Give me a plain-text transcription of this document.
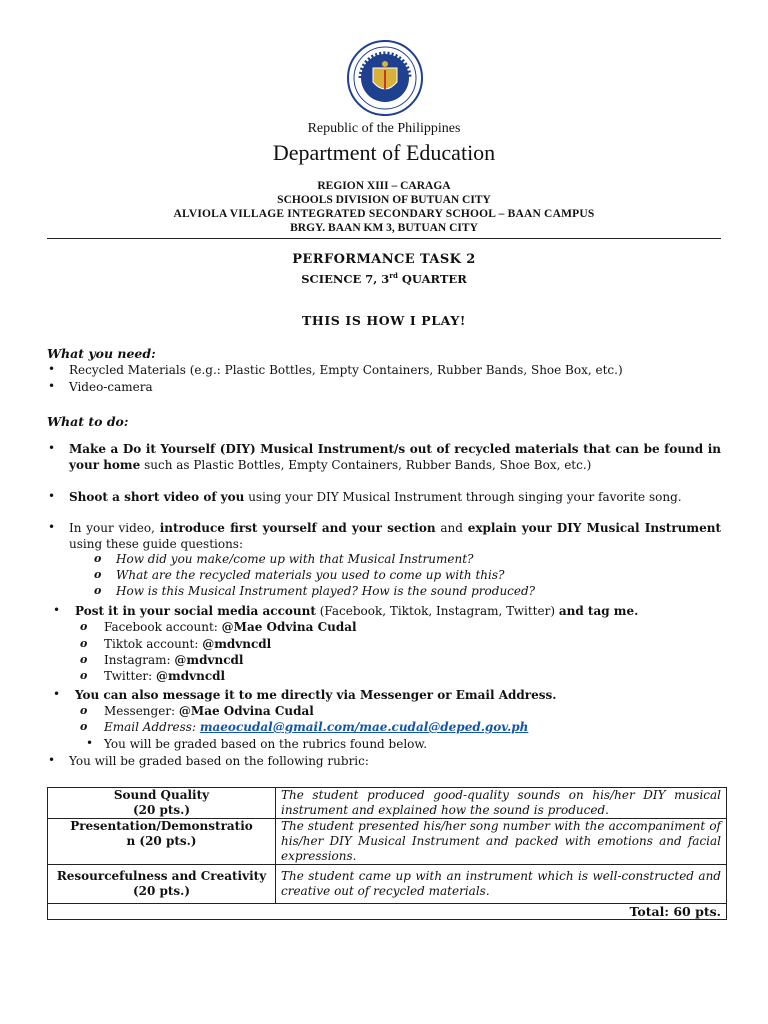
Republic of the Philippines
Department of Education
REGION XIII – CARAGA
SCHOOLS DIVISION OF BUTUAN CITY
ALVIOLA VILLAGE INTEGRATED SECONDARY SCHOOL – BAAN CAMPUS
BRGY. BAAN KM 3, BUTUAN CITY
PERFORMANCE TASK 2
SCIENCE 7, 3rd QUARTER
THIS IS HOW I PLAY!
What you need:
• Recycled Materials (e.g.: Plastic Bottles, Empty Containers, Rubber Bands, Shoe Box, etc.)
• Video-camera
What to do:
• Make a Do it Yourself (DIY) Musical Instrument/s out of recycled materials that can be found in your home such as Plastic Bottles, Empty Containers, Rubber Bands, Shoe Box, etc.)
• Shoot a short video of you using your DIY Musical Instrument through singing your favorite song.
• In your video, introduce first yourself and your section and explain your DIY Musical Instrument using these guide questions:
o How did you make/come up with that Musical Instrument?
o What are the recycled materials you used to come up with this?
o How is this Musical Instrument played? How is the sound produced?
• Post it in your social media account (Facebook, Tiktok, Instagram, Twitter) and tag me.
o Facebook account: @Mae Odvina Cudal
o Tiktok account: @mdvncdl
o Instagram: @mdvncdl
o Twitter: @mdvncdl
• You can also message it to me directly via Messenger or Email Address.
o Messenger: @Mae Odvina Cudal
o Email Address: maeocudal@gmail.com/mae.cudal@deped.gov.ph
• You will be graded based on the rubrics found below.
• You will be graded based on the following rubric:
Sound Quality
(20 pts.)	The student produced good-quality sounds on his/her DIY musical instrument and explained how the sound is produced.

Presentation/Demonstratio
n (20 pts.)	The student presented his/her song number with the accompaniment of his/her DIY Musical Instrument and packed with emotions and facial expressions.

Resourcefulness and Creativity
(20 pts.)	The student came up with an instrument which is well-constructed and creative out of recycled materials.
Total: 60 pts.	
